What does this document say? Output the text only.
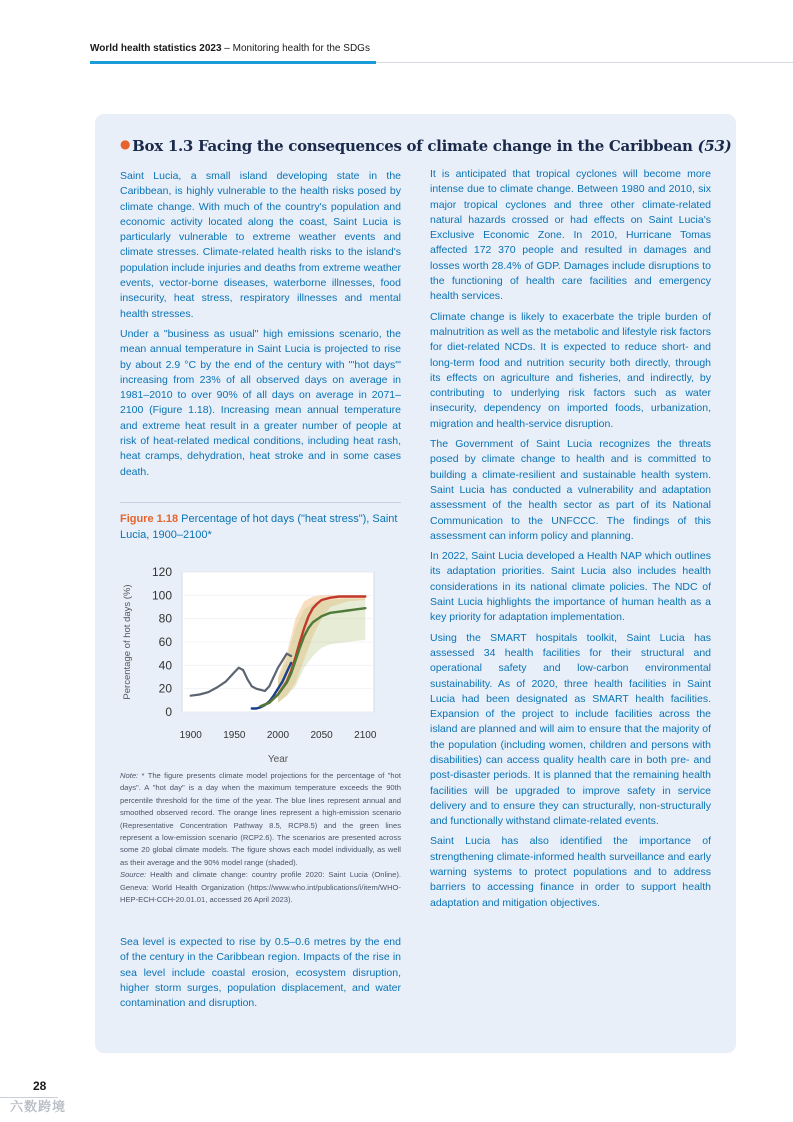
World health statistics 2023 – Monitoring health for the SDGs
● Box 1.3 Facing the consequences of climate change in the Caribbean (53)

Saint Lucia, a small island developing state in the Caribbean, is highly vulnerable to the health risks posed by climate change. With much of the country's population and economic activity located along the coast, Saint Lucia is particularly vulnerable to extreme weather events and climate stresses. Climate-related health risks to the island's population include injuries and deaths from extreme weather events, vector-borne diseases, waterborne illnesses, food insecurity, heat stress, respiratory illnesses and mental health stresses.

Under a "business as usual" high emissions scenario, the mean annual temperature in Saint Lucia is projected to rise by about 2.9 °C by the end of the century with "'hot days"' increasing from 23% of all observed days on average in 1981–2010 to over 90% of all days on average in 2071–2100 (Figure 1.18). Increasing mean annual temperature and extreme heat result in a greater number of people at risk of heat-related medical conditions, including heat rash, heat cramps, dehydration, heat stroke and in some cases death.

Figure 1.18 Percentage of hot days ("heat stress"), Saint Lucia, 1900–2100*
0
20
40
60
80
100
120
1900 1950 2000 2050 2100
Year
Percentage of hot days (%)

Note: * The figure presents climate model projections for the percentage of "hot days". A "hot day" is a day when the maximum temperature exceeds the 90th percentile threshold for the time of the year. The blue lines represent annual and smoothed observed record. The orange lines represent a high-emission scenario (Representative Concentration Pathway 8.5, RCP8.5) and the green lines represent a low-emission scenario (RCP2.6). The scenarios are presented across some 20 global climate models. The figure shows each model individually, as well as their average and the 90% model range (shaded).

Source: Health and climate change: country profile 2020: Saint Lucia (Online). Geneva: World Health Organization (https://www.who.int/publications/i/item/WHO-HEP-ECH-CCH-20.01.01, accessed 26 April 2023).

Sea level is expected to rise by 0.5–0.6 metres by the end of the century in the Caribbean region. Impacts of the rise in sea level include coastal erosion, ecosystem disruption, higher storm surges, population displacement, and water contamination and disruption.

It is anticipated that tropical cyclones will become more intense due to climate change. Between 1980 and 2010, six major tropical cyclones and three other climate-related natural hazards crossed or had effects on Saint Lucia's Exclusive Economic Zone. In 2010, Hurricane Tomas affected 172 370 people and resulted in damages and losses worth 28.4% of GDP. Damages include disruptions to the functioning of health care facilities and emergency health services.

Climate change is likely to exacerbate the triple burden of malnutrition as well as the metabolic and lifestyle risk factors for diet-related NCDs. It is expected to reduce short- and long-term food and nutrition security both directly, through its effects on agriculture and fisheries, and indirectly, by contributing to underlying risk factors such as water insecurity, dependency on imported foods, urbanization, migration and health-service disruption.

The Government of Saint Lucia recognizes the threats posed by climate change to health and is committed to building a climate-resilient and sustainable health system. Saint Lucia has conducted a vulnerability and adaptation assessment of the health sector as part of its National Communication to the UNFCCC. The findings of this assessment can inform policy and planning.

In 2022, Saint Lucia developed a Health NAP which outlines its adaptation priorities. Saint Lucia also includes health considerations in its national climate policies. The NDC of Saint Lucia highlights the importance of human health as a key priority for adaptation implementation.

Using the SMART hospitals toolkit, Saint Lucia has assessed 34 health facilities for their structural and operational safety and low-carbon environmental sustainability. As of 2020, three health facilities in Saint Lucia had been designated as SMART health facilities. Expansion of the project to include facilities across the island are planned and will aim to ensure that the majority of the population (including women, children and persons with disabilities) can access quality health care in both pre- and post-disaster periods. It is planned that the remaining health facilities will be upgraded to improve safety in service delivery and to ensure they can structurally, non-structurally and functionally withstand climate-related events.

Saint Lucia has also identified the importance of strengthening climate-informed health surveillance and early warning systems to protect populations and to address barriers to accessing finance in order to support health adaptation and mitigation objectives.

28
六数跨境
